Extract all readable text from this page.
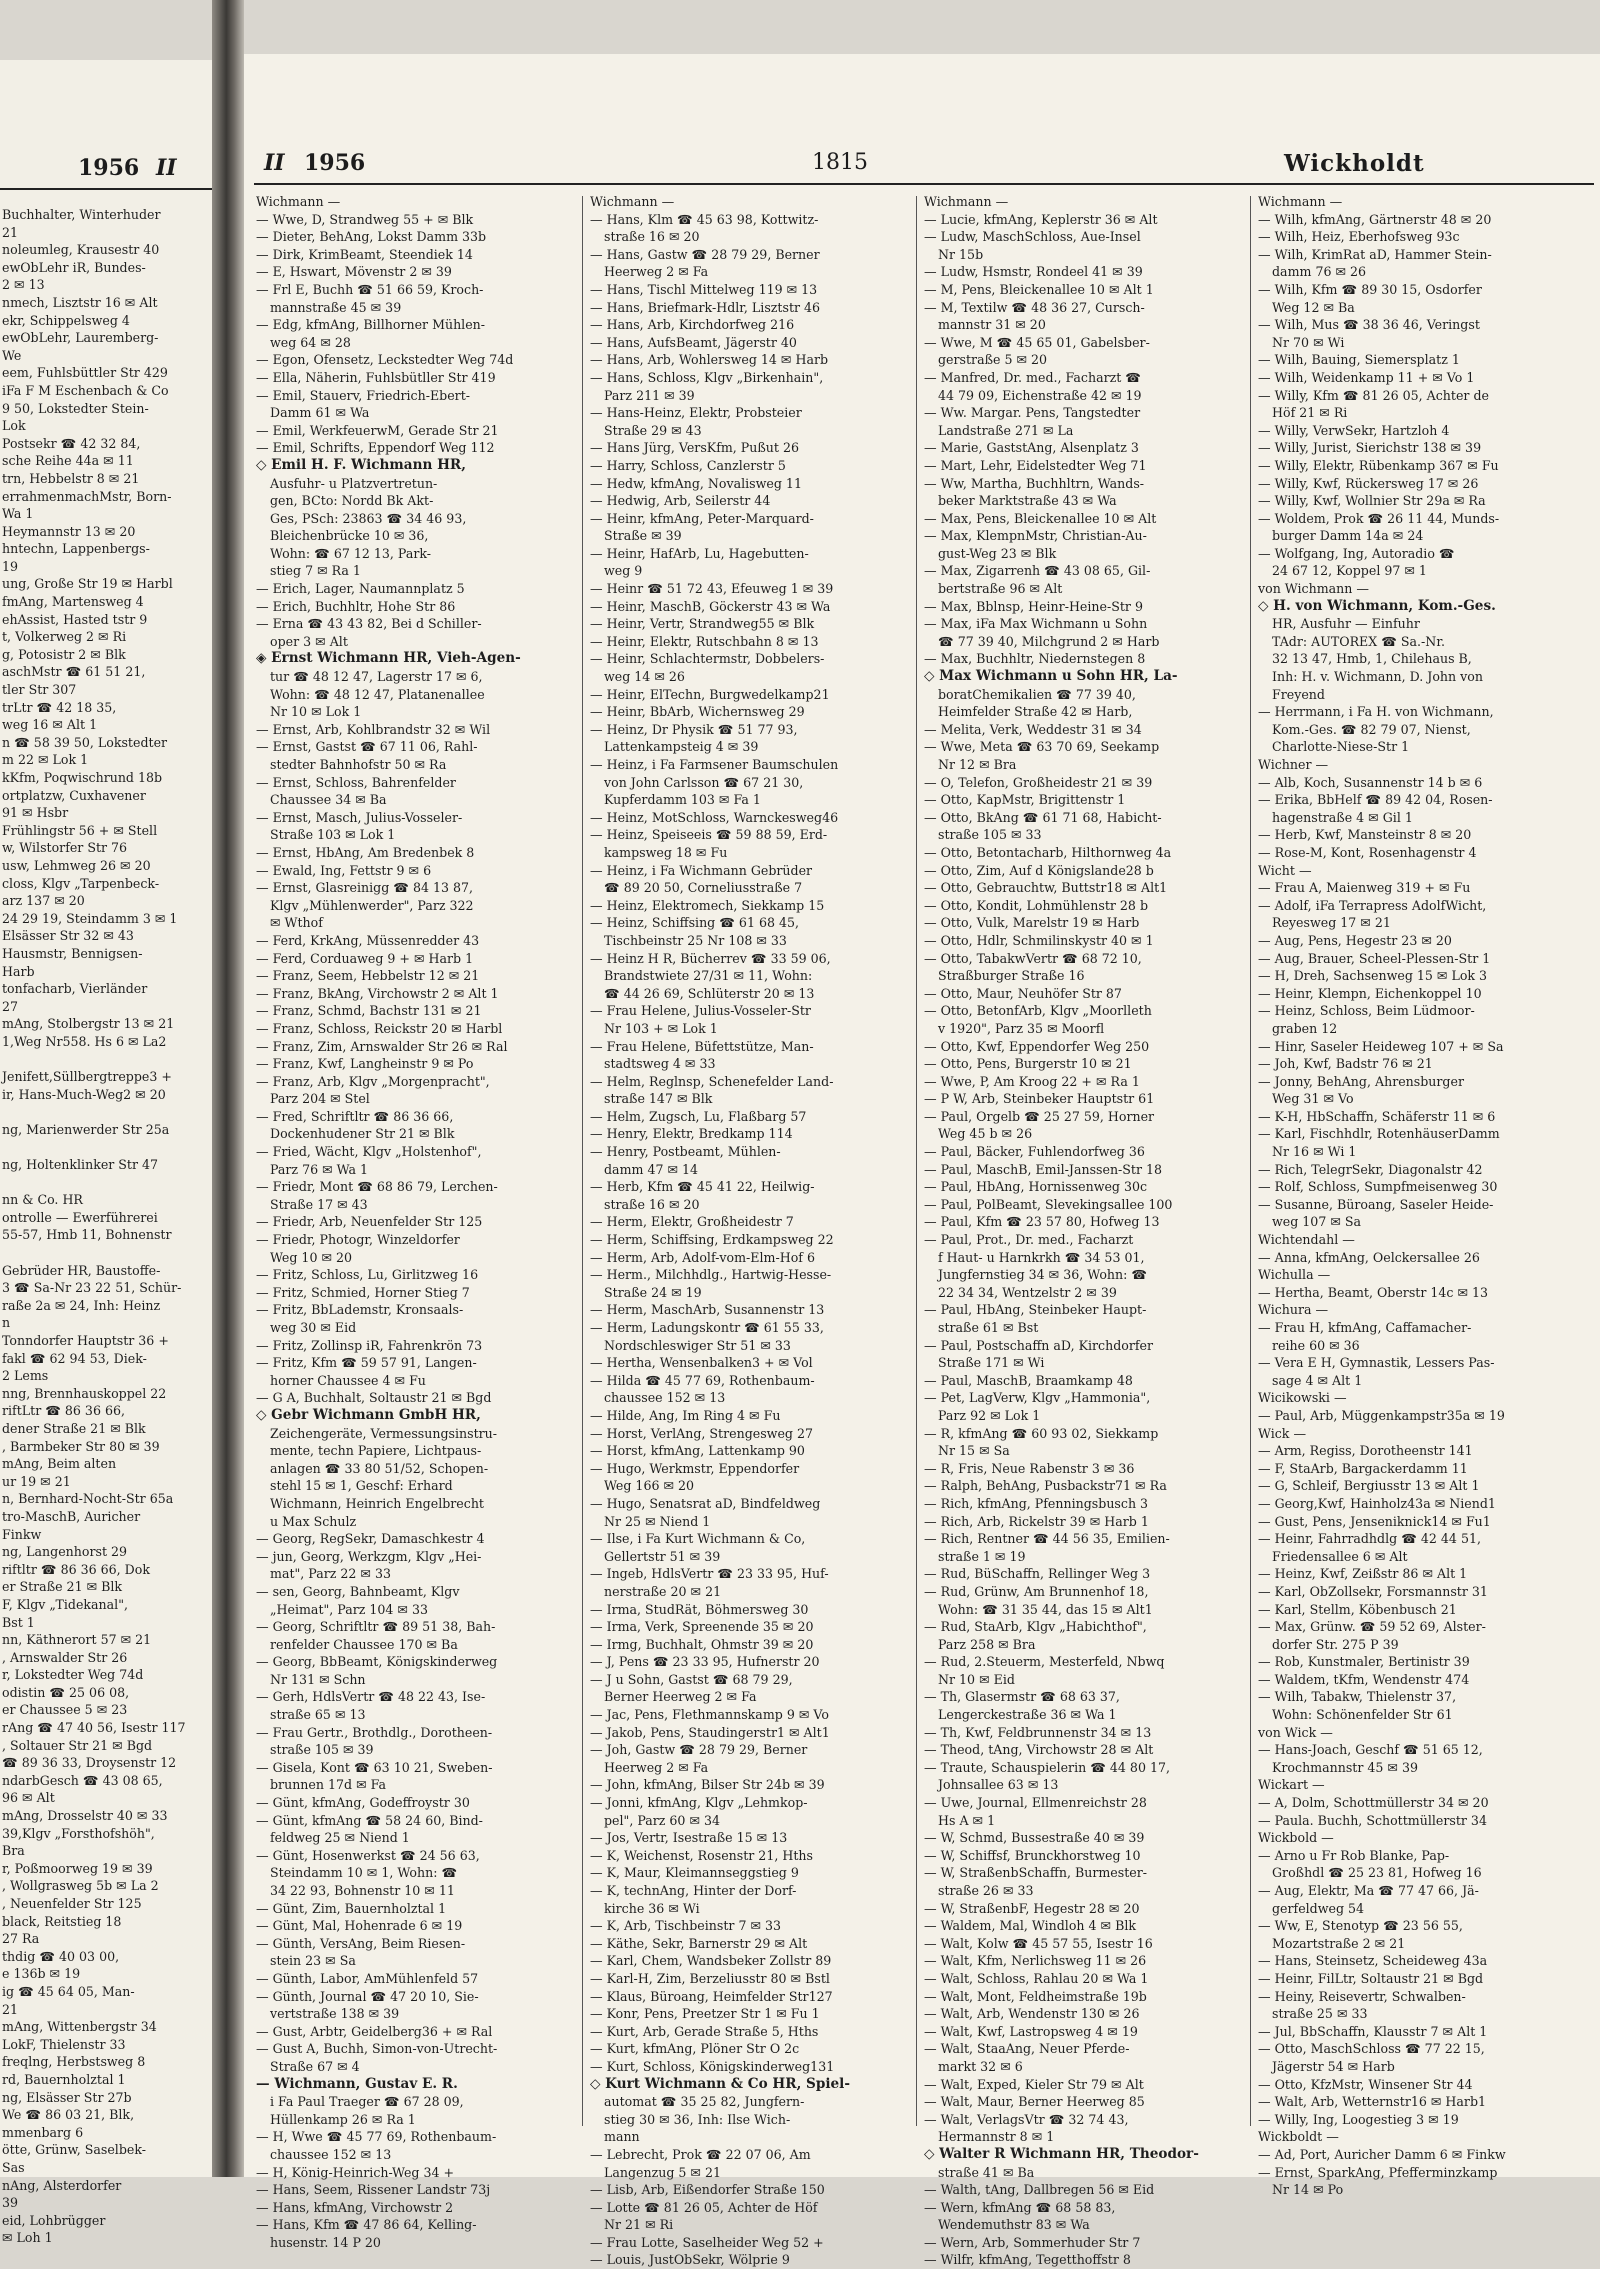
1956 II
Buchhalter, Winterhuder
21
noleumleg, Krausestr 40
ewObLehr iR, Bundes-
2 ✉ 13
nmech, Lisztstr 16 ✉ Alt
ekr, Schippelsweg 4
ewObLehr, Lauremberg-
We
eem, Fuhlsbüttler Str 429
iFa F M Eschenbach & Co
9 50, Lokstedter Stein-
Lok
Postsekr ☎ 42 32 84,
sche Reihe 44a ✉ 11
trn, Hebbelstr 8 ✉ 21
errahmenmachMstr, Born-
Wa 1
Heymannstr 13 ✉ 20
hntechn, Lappenbergs-
19
ung, Große Str 19 ✉ Harbl
fmAng, Martensweg 4
ehAssist, Hasted tstr 9
t, Volkerweg 2 ✉ Ri
g, Potosistr 2 ✉ Blk
aschMstr ☎ 61 51 21,
tler Str 307
trLtr ☎ 42 18 35,
weg 16 ✉ Alt 1
n ☎ 58 39 50, Lokstedter
m 22 ✉ Lok 1
kKfm, Poqwischrund 18b
ortplatzw, Cuxhavener
91 ✉ Hsbr
Frühlingstr 56 + ✉ Stell
w, Wilstorfer Str 76
usw, Lehmweg 26 ✉ 20
closs, Klgv „Tarpenbeck-
arz 137 ✉ 20
24 29 19, Steindamm 3 ✉ 1
Elsässer Str 32 ✉ 43
Hausmstr, Bennigsen-
Harb
tonfacharb, Vierländer
27
mAng, Stolbergstr 13 ✉ 21
1,Weg Nr558. Hs 6 ✉ La2

Jenifett,Süllbergtreppe3 +
ir, Hans-Much-Weg2 ✉ 20

ng, Marienwerder Str 25a

ng, Holtenklinker Str 47

nn & Co. HR
ontrolle — Ewerführerei
55-57, Hmb 11, Bohnenstr

Gebrüder HR, Baustoffe-
3 ☎ Sa-Nr 23 22 51, Schür-
raße 2a ✉ 24, Inh: Heinz
n
Tonndorfer Hauptstr 36 +
fakl ☎ 62 94 53, Diek-
2 Lems
nng, Brennhauskoppel 22
riftLtr ☎ 86 36 66,
dener Straße 21 ✉ Blk
, Barmbeker Str 80 ✉ 39
mAng, Beim alten
ur 19 ✉ 21
n, Bernhard-Nocht-Str 65a
tro-MaschB, Auricher
Finkw
ng, Langenhorst 29
riftltr ☎ 86 36 66, Dok
er Straße 21 ✉ Blk
F, Klgv „Tidekanal",
Bst 1
nn, Käthnerort 57 ✉ 21
, Arnswalder Str 26
r, Lokstedter Weg 74d
odistin ☎ 25 06 08,
er Chaussee 5 ✉ 23
rAng ☎ 47 40 56, Isestr 117
, Soltauer Str 21 ✉ Bgd
☎ 89 36 33, Droysenstr 12
ndarbGesch ☎ 43 08 65,
96 ✉ Alt
mAng, Drosselstr 40 ✉ 33
39,Klgv „Forsthofshöh",
Bra
r, Poßmoorweg 19 ✉ 39
, Wollgrasweg 5b ✉ La 2
, Neuenfelder Str 125
black, Reitstieg 18
27 Ra
thdig ☎ 40 03 00,
e 136b ✉ 19
ig ☎ 45 64 05, Man-
21
mAng, Wittenbergstr 34
LokF, Thielenstr 33
freqlng, Herbstsweg 8
rd, Bauernholztal 1
ng, Elsässer Str 27b
We ☎ 86 03 21, Blk,
mmenbarg 6
ötte, Grünw, Saselbek-
Sas
nAng, Alsterdorfer
39
eid, Lohbrügger
✉ Loh 1
II 1956	1815	Wickholdt
Wichmann —
— Wwe, D, Strandweg 55 + ✉ Blk
— Dieter, BehAng, Lokst Damm 33b
— Dirk, KrimBeamt, Steendiek 14
— E, Hswart, Mövenstr 2 ✉ 39
— Frl E, Buchh ☎ 51 66 59, Kroch-
mannstraße 45 ✉ 39
— Edg, kfmAng, Billhorner Mühlen-
weg 64 ✉ 28
— Egon, Ofensetz, Leckstedter Weg 74d
— Ella, Näherin, Fuhlsbütller Str 419
— Emil, Stauerv, Friedrich-Ebert-
Damm 61 ✉ Wa
— Emil, WerkfeuerwM, Gerade Str 21
— Emil, Schrifts, Eppendorf Weg 112
◇ Emil H. F. Wichmann HR,
Ausfuhr- u Platzvertretun-
gen, BCto: Nordd Bk Akt-
Ges, PSch: 23863 ☎ 34 46 93,
Bleichenbrücke 10 ✉ 36,
Wohn: ☎ 67 12 13, Park-
stieg 7 ✉ Ra 1
— Erich, Lager, Naumannplatz 5
— Erich, Buchhltr, Hohe Str 86
— Erna ☎ 43 43 82, Bei d Schiller-
oper 3 ✉ Alt
◈ Ernst Wichmann HR, Vieh-Agen-
tur ☎ 48 12 47, Lagerstr 17 ✉ 6,
Wohn: ☎ 48 12 47, Platanenallee
Nr 10 ✉ Lok 1
— Ernst, Arb, Kohlbrandstr 32 ✉ Wil
— Ernst, Gastst ☎ 67 11 06, Rahl-
stedter Bahnhofstr 50 ✉ Ra
— Ernst, Schloss, Bahrenfelder
Chaussee 34 ✉ Ba
— Ernst, Masch, Julius-Vosseler-
Straße 103 ✉ Lok 1
— Ernst, HbAng, Am Bredenbek 8
— Ewald, Ing, Fettstr 9 ✉ 6
— Ernst, Glasreinigg ☎ 84 13 87,
Klgv „Mühlenwerder", Parz 322
✉ Wthof
— Ferd, KrkAng, Müssenredder 43
— Ferd, Corduaweg 9 + ✉ Harb 1
— Franz, Seem, Hebbelstr 12 ✉ 21
— Franz, BkAng, Virchowstr 2 ✉ Alt 1
— Franz, Schmd, Bachstr 131 ✉ 21
— Franz, Schloss, Reickstr 20 ✉ Harbl
— Franz, Zim, Arnswalder Str 26 ✉ Ral
— Franz, Kwf, Langheinstr 9 ✉ Po
— Franz, Arb, Klgv „Morgenpracht",
Parz 204 ✉ Stel
— Fred, Schriftltr ☎ 86 36 66,
Dockenhudener Str 21 ✉ Blk
— Fried, Wächt, Klgv „Holstenhof",
Parz 76 ✉ Wa 1
— Friedr, Mont ☎ 68 86 79, Lerchen-
Straße 17 ✉ 43
— Friedr, Arb, Neuenfelder Str 125
— Friedr, Photogr, Winzeldorfer
Weg 10 ✉ 20
— Fritz, Schloss, Lu, Girlitzweg 16
— Fritz, Schmied, Horner Stieg 7
— Fritz, BbLademstr, Kronsaals-
weg 30 ✉ Eid
— Fritz, Zollinsp iR, Fahrenkrön 73
— Fritz, Kfm ☎ 59 57 91, Langen-
horner Chaussee 4 ✉ Fu
— G A, Buchhalt, Soltaustr 21 ✉ Bgd
◇ Gebr Wichmann GmbH HR,
Zeichengeräte, Vermessungsinstru-
mente, techn Papiere, Lichtpaus-
anlagen ☎ 33 80 51/52, Schopen-
stehl 15 ✉ 1, Geschf: Erhard
Wichmann, Heinrich Engelbrecht
u Max Schulz
— Georg, RegSekr, Damaschkestr 4
— jun, Georg, Werkzgm, Klgv „Hei-
mat", Parz 22 ✉ 33
— sen, Georg, Bahnbeamt, Klgv
„Heimat", Parz 104 ✉ 33
— Georg, Schriftltr ☎ 89 51 38, Bah-
renfelder Chaussee 170 ✉ Ba
— Georg, BbBeamt, Königskinderweg
Nr 131 ✉ Schn
— Gerh, HdlsVertr ☎ 48 22 43, Ise-
straße 65 ✉ 13
— Frau Gertr., Brothdlg., Dorotheen-
straße 105 ✉ 39
— Gisela, Kont ☎ 63 10 21, Sweben-
brunnen 17d ✉ Fa
— Günt, kfmAng, Godeffroystr 30
— Günt, kfmAng ☎ 58 24 60, Bind-
feldweg 25 ✉ Niend 1
— Günt, Hosenwerkst ☎ 24 56 63,
Steindamm 10 ✉ 1, Wohn: ☎
34 22 93, Bohnenstr 10 ✉ 11
— Günt, Zim, Bauernholztal 1
— Günt, Mal, Hohenrade 6 ✉ 19
— Günth, VersAng, Beim Riesen-
stein 23 ✉ Sa
— Günth, Labor, AmMühlenfeld 57
— Günth, Journal ☎ 47 20 10, Sie-
vertstraße 138 ✉ 39
— Gust, Arbtr, Geidelberg36 + ✉ Ral
— Gust A, Buchh, Simon-von-Utrecht-
Straße 67 ✉ 4
— Wichmann, Gustav E. R.
i Fa Paul Traeger ☎ 67 28 09,
Hüllenkamp 26 ✉ Ra 1
— H, Wwe ☎ 45 77 69, Rothenbaum-
chaussee 152 ✉ 13
— H, König-Heinrich-Weg 34 +
— Hans, Seem, Rissener Landstr 73j
— Hans, kfmAng, Virchowstr 2
— Hans, Kfm ☎ 47 86 64, Kelling-
husenstr. 14 P 20
Wichmann —
— Hans, Klm ☎ 45 63 98, Kottwitz-
straße 16 ✉ 20
— Hans, Gastw ☎ 28 79 29, Berner
Heerweg 2 ✉ Fa
— Hans, Tischl Mittelweg 119 ✉ 13
— Hans, Briefmark-Hdlr, Lisztstr 46
— Hans, Arb, Kirchdorfweg 216
— Hans, AufsBeamt, Jägerstr 40
— Hans, Arb, Wohlersweg 14 ✉ Harb
— Hans, Schloss, Klgv „Birkenhain",
Parz 211 ✉ 39
— Hans-Heinz, Elektr, Probsteier
Straße 29 ✉ 43
— Hans Jürg, VersKfm, Pußut 26
— Harry, Schloss, Canzlerstr 5
— Hedw, kfmAng, Novalisweg 11
— Hedwig, Arb, Seilerstr 44
— Heinr, kfmAng, Peter-Marquard-
Straße ✉ 39
— Heinr, HafArb, Lu, Hagebutten-
weg 9
— Heinr ☎ 51 72 43, Efeuweg 1 ✉ 39
— Heinr, MaschB, Göckerstr 43 ✉ Wa
— Heinr, Vertr, Strandweg55 ✉ Blk
— Heinr, Elektr, Rutschbahn 8 ✉ 13
— Heinr, Schlachtermstr, Dobbelers-
weg 14 ✉ 26
— Heinr, ElTechn, Burgwedelkamp21
— Heinr, BbArb, Wichernsweg 29
— Heinz, Dr Physik ☎ 51 77 93,
Lattenkampsteig 4 ✉ 39
— Heinz, i Fa Farmsener Baumschulen
von John Carlsson ☎ 67 21 30,
Kupferdamm 103 ✉ Fa 1
— Heinz, MotSchloss, Warnckesweg46
— Heinz, Speiseeis ☎ 59 88 59, Erd-
kampsweg 18 ✉ Fu
— Heinz, i Fa Wichmann Gebrüder
☎ 89 20 50, Corneliusstraße 7
— Heinz, Elektromech, Siekkamp 15
— Heinz, Schiffsing ☎ 61 68 45,
Tischbeinstr 25 Nr 108 ✉ 33
— Heinz H R, Bücherrev ☎ 33 59 06,
Brandstwiete 27/31 ✉ 11, Wohn:
☎ 44 26 69, Schlüterstr 20 ✉ 13
— Frau Helene, Julius-Vosseler-Str
Nr 103 + ✉ Lok 1
— Frau Helene, Büfettstütze, Man-
stadtsweg 4 ✉ 33
— Helm, Reglnsp, Schenefelder Land-
straße 147 ✉ Blk
— Helm, Zugsch, Lu, Flaßbarg 57
— Henry, Elektr, Bredkamp 114
— Henry, Postbeamt, Mühlen-
damm 47 ✉ 14
— Herb, Kfm ☎ 45 41 22, Heilwig-
straße 16 ✉ 20
— Herm, Elektr, Großheidestr 7
— Herm, Schiffsing, Erdkampsweg 22
— Herm, Arb, Adolf-vom-Elm-Hof 6
— Herm., Milchhdlg., Hartwig-Hesse-
Straße 24 ✉ 19
— Herm, MaschArb, Susannenstr 13
— Herm, Ladungskontr ☎ 61 55 33,
Nordschleswiger Str 51 ✉ 33
— Hertha, Wensenbalken3 + ✉ Vol
— Hilda ☎ 45 77 69, Rothenbaum-
chaussee 152 ✉ 13
— Hilde, Ang, Im Ring 4 ✉ Fu
— Horst, VerlAng, Strengesweg 27
— Horst, kfmAng, Lattenkamp 90
— Hugo, Werkmstr, Eppendorfer
Weg 166 ✉ 20
— Hugo, Senatsrat aD, Bindfeldweg
Nr 25 ✉ Niend 1
— Ilse, i Fa Kurt Wichmann & Co,
Gellertstr 51 ✉ 39
— Ingeb, HdlsVertr ☎ 23 33 95, Huf-
nerstraße 20 ✉ 21
— Irma, StudRät, Böhmersweg 30
— Irma, Verk, Spreenende 35 ✉ 20
— Irmg, Buchhalt, Ohmstr 39 ✉ 20
— J, Pens ☎ 23 33 95, Hufnerstr 20
— J u Sohn, Gastst ☎ 68 79 29,
Berner Heerweg 2 ✉ Fa
— Jac, Pens, Flethmannskamp 9 ✉ Vo
— Jakob, Pens, Staudingerstr1 ✉ Alt1
— Joh, Gastw ☎ 28 79 29, Berner
Heerweg 2 ✉ Fa
— John, kfmAng, Bilser Str 24b ✉ 39
— Jonni, kfmAng, Klgv „Lehmkop-
pel", Parz 60 ✉ 34
— Jos, Vertr, Isestraße 15 ✉ 13
— K, Weichenst, Rosenstr 21, Hths
— K, Maur, Kleimannseggstieg 9
— K, technAng, Hinter der Dorf-
kirche 36 ✉ Wi
— K, Arb, Tischbeinstr 7 ✉ 33
— Käthe, Sekr, Barnerstr 29 ✉ Alt
— Karl, Chem, Wandsbeker Zollstr 89
— Karl-H, Zim, Berzeliusstr 80 ✉ Bstl
— Klaus, Büroang, Heimfelder Str127
— Konr, Pens, Preetzer Str 1 ✉ Fu 1
— Kurt, Arb, Gerade Straße 5, Hths
— Kurt, kfmAng, Plöner Str O 2c
— Kurt, Schloss, Königskinderweg131
◇ Kurt Wichmann & Co HR, Spiel-
automat ☎ 35 25 82, Jungfern-
stieg 30 ✉ 36, Inh: Ilse Wich-
mann
— Lebrecht, Prok ☎ 22 07 06, Am
Langenzug 5 ✉ 21
— Lisb, Arb, Eißendorfer Straße 150
— Lotte ☎ 81 26 05, Achter de Höf
Nr 21 ✉ Ri
— Frau Lotte, Saselheider Weg 52 +
— Louis, JustObSekr, Wölprie 9
Wichmann —
— Lucie, kfmAng, Keplerstr 36 ✉ Alt
— Ludw, MaschSchloss, Aue-Insel
Nr 15b
— Ludw, Hsmstr, Rondeel 41 ✉ 39
— M, Pens, Bleickenallee 10 ✉ Alt 1
— M, Textilw ☎ 48 36 27, Cursch-
mannstr 31 ✉ 20
— Wwe, M ☎ 45 65 01, Gabelsber-
gerstraße 5 ✉ 20
— Manfred, Dr. med., Facharzt ☎
44 79 09, Eichenstraße 42 ✉ 19
— Ww. Margar. Pens, Tangstedter
Landstraße 271 ✉ La
— Marie, GaststAng, Alsenplatz 3
— Mart, Lehr, Eidelstedter Weg 71
— Ww, Martha, Buchhltrn, Wands-
beker Marktstraße 43 ✉ Wa
— Max, Pens, Bleickenallee 10 ✉ Alt
— Max, KlempnMstr, Christian-Au-
gust-Weg 23 ✉ Blk
— Max, Zigarrenh ☎ 43 08 65, Gil-
bertstraße 96 ✉ Alt
— Max, Bblnsp, Heinr-Heine-Str 9
— Max, iFa Max Wichmann u Sohn
☎ 77 39 40, Milchgrund 2 ✉ Harb
— Max, Buchhltr, Niedernstegen 8
◇ Max Wichmann u Sohn HR, La-
boratChemikalien ☎ 77 39 40,
Heimfelder Straße 42 ✉ Harb,
— Melita, Verk, Weddestr 31 ✉ 34
— Wwe, Meta ☎ 63 70 69, Seekamp
Nr 12 ✉ Bra
— O, Telefon, Großheidestr 21 ✉ 39
— Otto, KapMstr, Brigittenstr 1
— Otto, BkAng ☎ 61 71 68, Habicht-
straße 105 ✉ 33
— Otto, Betontacharb, Hilthornweg 4a
— Otto, Zim, Auf d Königslande28 b
— Otto, Gebrauchtw, Buttstr18 ✉ Alt1
— Otto, Kondit, Lohmühlenstr 28 b
— Otto, Vulk, Marelstr 19 ✉ Harb
— Otto, Hdlr, Schmilinskystr 40 ✉ 1
— Otto, TabakwVertr ☎ 68 72 10,
Straßburger Straße 16
— Otto, Maur, Neuhöfer Str 87
— Otto, BetonfArb, Klgv „Moorlleth
v 1920", Parz 35 ✉ Moorfl
— Otto, Kwf, Eppendorfer Weg 250
— Otto, Pens, Burgerstr 10 ✉ 21
— Wwe, P, Am Kroog 22 + ✉ Ra 1
— P W, Arb, Steinbeker Hauptstr 61
— Paul, Orgelb ☎ 25 27 59, Horner
Weg 45 b ✉ 26
— Paul, Bäcker, Fuhlendorfweg 36
— Paul, MaschB, Emil-Janssen-Str 18
— Paul, HbAng, Hornissenweg 30c
— Paul, PolBeamt, Slevekingsallee 100
— Paul, Kfm ☎ 23 57 80, Hofweg 13
— Paul, Prot., Dr. med., Facharzt
f Haut- u Harnkrkh ☎ 34 53 01,
Jungfernstieg 34 ✉ 36, Wohn: ☎
22 34 34, Wentzelstr 2 ✉ 39
— Paul, HbAng, Steinbeker Haupt-
straße 61 ✉ Bst
— Paul, Postschaffn aD, Kirchdorfer
Straße 171 ✉ Wi
— Paul, MaschB, Braamkamp 48
— Pet, LagVerw, Klgv „Hammonia",
Parz 92 ✉ Lok 1
— R, kfmAng ☎ 60 93 02, Siekkamp
Nr 15 ✉ Sa
— R, Fris, Neue Rabenstr 3 ✉ 36
— Ralph, BehAng, Pusbackstr71 ✉ Ra
— Rich, kfmAng, Pfenningsbusch 3
— Rich, Arb, Rickelstr 39 ✉ Harb 1
— Rich, Rentner ☎ 44 56 35, Emilien-
straße 1 ✉ 19
— Rud, BüSchaffn, Rellinger Weg 3
— Rud, Grünw, Am Brunnenhof 18,
Wohn: ☎ 31 35 44, das 15 ✉ Alt1
— Rud, StaArb, Klgv „Habichthof",
Parz 258 ✉ Bra
— Rud, 2.Steuerm, Mesterfeld, Nbwq
Nr 10 ✉ Eid
— Th, Glasermstr ☎ 68 63 37,
Lengerckestraße 36 ✉ Wa 1
— Th, Kwf, Feldbrunnenstr 34 ✉ 13
— Theod, tAng, Virchowstr 28 ✉ Alt
— Traute, Schauspielerin ☎ 44 80 17,
Johnsallee 63 ✉ 13
— Uwe, Journal, Ellmenreichstr 28
Hs A ✉ 1
— W, Schmd, Bussestraße 40 ✉ 39
— W, Schiffsf, Brunckhorstweg 10
— W, StraßenbSchaffn, Burmester-
straße 26 ✉ 33
— W, StraßenbF, Hegestr 28 ✉ 20
— Waldem, Mal, Windloh 4 ✉ Blk
— Walt, Kolw ☎ 45 57 55, Isestr 16
— Walt, Kfm, Nerlichsweg 11 ✉ 26
— Walt, Schloss, Rahlau 20 ✉ Wa 1
— Walt, Mont, Feldheimstraße 19b
— Walt, Arb, Wendenstr 130 ✉ 26
— Walt, Kwf, Lastropsweg 4 ✉ 19
— Walt, StaaAng, Neuer Pferde-
markt 32 ✉ 6
— Walt, Exped, Kieler Str 79 ✉ Alt
— Walt, Maur, Berner Heerweg 85
— Walt, VerlagsVtr ☎ 32 74 43,
Hermannstr 8 ✉ 1
◇ Walter R Wichmann HR, Theodor-
straße 41 ✉ Ba
— Walth, tAng, Dallbregen 56 ✉ Eid
— Wern, kfmAng ☎ 68 58 83,
Wendemuthstr 83 ✉ Wa
— Wern, Arb, Sommerhuder Str 7
— Wilfr, kfmAng, Tegetthoffstr 8
Wichmann —
— Wilh, kfmAng, Gärtnerstr 48 ✉ 20
— Wilh, Heiz, Eberhofsweg 93c
— Wilh, KrimRat aD, Hammer Stein-
damm 76 ✉ 26
— Wilh, Kfm ☎ 89 30 15, Osdorfer
Weg 12 ✉ Ba
— Wilh, Mus ☎ 38 36 46, Veringst
Nr 70 ✉ Wi
— Wilh, Bauing, Siemersplatz 1
— Wilh, Weidenkamp 11 + ✉ Vo 1
— Willy, Kfm ☎ 81 26 05, Achter de
Höf 21 ✉ Ri
— Willy, VerwSekr, Hartzloh 4
— Willy, Jurist, Sierichstr 138 ✉ 39
— Willy, Elektr, Rübenkamp 367 ✉ Fu
— Willy, Kwf, Rückersweg 17 ✉ 26
— Willy, Kwf, Wollnier Str 29a ✉ Ra
— Woldem, Prok ☎ 26 11 44, Munds-
burger Damm 14a ✉ 24
— Wolfgang, Ing, Autoradio ☎
24 67 12, Koppel 97 ✉ 1
von Wichmann —
◇ H. von Wichmann, Kom.-Ges.
HR, Ausfuhr — Einfuhr
TAdr: AUTOREX ☎ Sa.-Nr.
32 13 47, Hmb, 1, Chilehaus B,
Inh: H. v. Wichmann, D. John von
Freyend
— Herrmann, i Fa H. von Wichmann,
Kom.-Ges. ☎ 82 79 07, Nienst,
Charlotte-Niese-Str 1
Wichner —
— Alb, Koch, Susannenstr 14 b ✉ 6
— Erika, BbHelf ☎ 89 42 04, Rosen-
hagenstraße 4 ✉ Gil 1
— Herb, Kwf, Mansteinstr 8 ✉ 20
— Rose-M, Kont, Rosenhagenstr 4
Wicht —
— Frau A, Maienweg 319 + ✉ Fu
— Adolf, iFa Terrapress AdolfWicht,
Reyesweg 17 ✉ 21
— Aug, Pens, Hegestr 23 ✉ 20
— Aug, Brauer, Scheel-Plessen-Str 1
— H, Dreh, Sachsenweg 15 ✉ Lok 3
— Heinr, Klempn, Eichenkoppel 10
— Heinz, Schloss, Beim Lüdmoor-
graben 12
— Hinr, Saseler Heideweg 107 + ✉ Sa
— Joh, Kwf, Badstr 76 ✉ 21
— Jonny, BehAng, Ahrensburger
Weg 31 ✉ Vo
— K-H, HbSchaffn, Schäferstr 11 ✉ 6
— Karl, Fischhdlr, RotenhäuserDamm
Nr 16 ✉ Wi 1
— Rich, TelegrSekr, Diagonalstr 42
— Rolf, Schloss, Sumpfmeisenweg 30
— Susanne, Büroang, Saseler Heide-
weg 107 ✉ Sa
Wichtendahl —
— Anna, kfmAng, Oelckersallee 26
Wichulla —
— Hertha, Beamt, Oberstr 14c ✉ 13
Wichura —
— Frau H, kfmAng, Caffamacher-
reihe 60 ✉ 36
— Vera E H, Gymnastik, Lessers Pas-
sage 4 ✉ Alt 1
Wicikowski —
— Paul, Arb, Müggenkampstr35a ✉ 19
Wick —
— Arm, Regiss, Dorotheenstr 141
— F, StaArb, Bargackerdamm 11
— G, Schleif, Bergiusstr 13 ✉ Alt 1
— Georg,Kwf, Hainholz43a ✉ Niend1
— Gust, Pens, Jenseniknick14 ✉ Fu1
— Heinr, Fahrradhdlg ☎ 42 44 51,
Friedensallee 6 ✉ Alt
— Heinz, Kwf, Zeißstr 86 ✉ Alt 1
— Karl, ObZollsekr, Forsmannstr 31
— Karl, Stellm, Köbenbusch 21
— Max, Grünw. ☎ 59 52 69, Alster-
dorfer Str. 275 P 39
— Rob, Kunstmaler, Bertinistr 39
— Waldem, tKfm, Wendenstr 474
— Wilh, Tabakw, Thielenstr 37,
Wohn: Schönenfelder Str 61
von Wick —
— Hans-Joach, Geschf ☎ 51 65 12,
Krochmannstr 45 ✉ 39
Wickart —
— A, Dolm, Schottmüllerstr 34 ✉ 20
— Paula. Buchh, Schottmüllerstr 34
Wickbold —
— Arno u Fr Rob Blanke, Pap-
Großhdl ☎ 25 23 81, Hofweg 16
— Aug, Elektr, Ma ☎ 77 47 66, Jä-
gerfeldweg 54
— Ww, E, Stenotyp ☎ 23 56 55,
Mozartstraße 2 ✉ 21
— Hans, Steinsetz, Scheideweg 43a
— Heinr, FilLtr, Soltaustr 21 ✉ Bgd
— Heiny, Reisevertr, Schwalben-
straße 25 ✉ 33
— Jul, BbSchaffn, Klausstr 7 ✉ Alt 1
— Otto, MaschSchloss ☎ 77 22 15,
Jägerstr 54 ✉ Harb
— Otto, KfzMstr, Winsener Str 44
— Walt, Arb, Wetternstr16 ✉ Harb1
— Willy, Ing, Loogestieg 3 ✉ 19
Wickboldt —
— Ad, Port, Auricher Damm 6 ✉ Finkw
— Ernst, SparkAng, Pfefferminzkamp
Nr 14 ✉ Po
